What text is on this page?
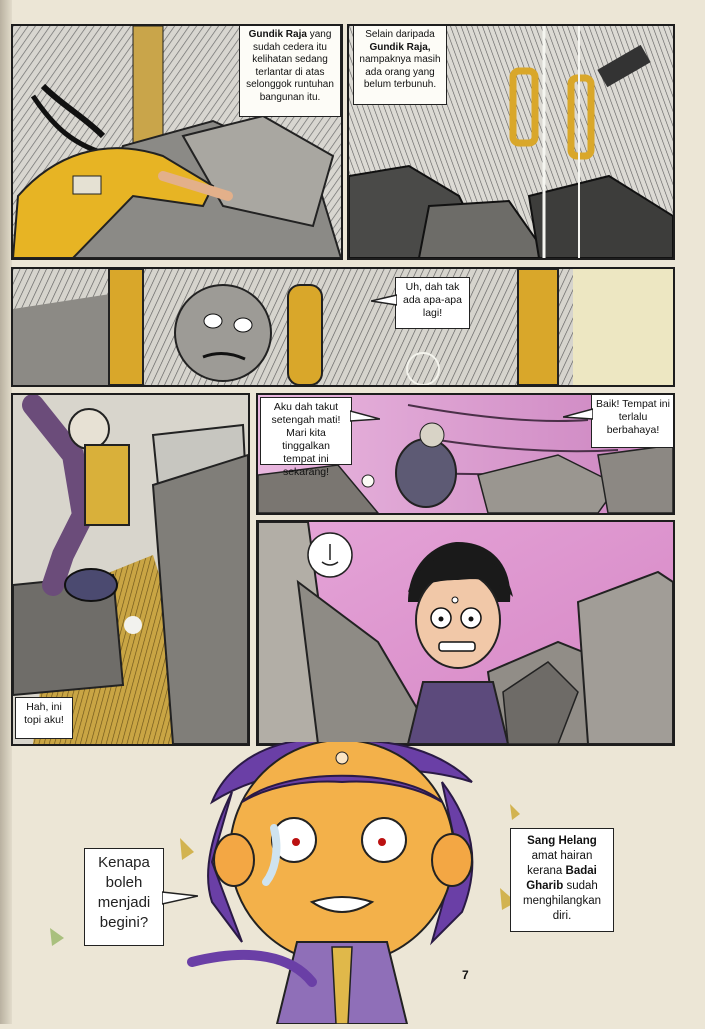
Gundik Raja yang sudah cedera itu kelihatan sedang terlantar di atas selonggok runtuhan bangunan itu.
Selain daripada Gundik Raja, nampaknya masih ada orang yang belum terbunuh.
Uh, dah tak ada apa-apa lagi!
Hah, ini topi aku!
Aku dah takut setengah mati! Mari kita tinggalkan tempat ini sekarang!
Baik! Tempat ini terlalu berbahaya!
Kenapa boleh menjadi begini?
Sang Helang amat hairan kerana Badai Gharib sudah menghilangkan diri.
7
